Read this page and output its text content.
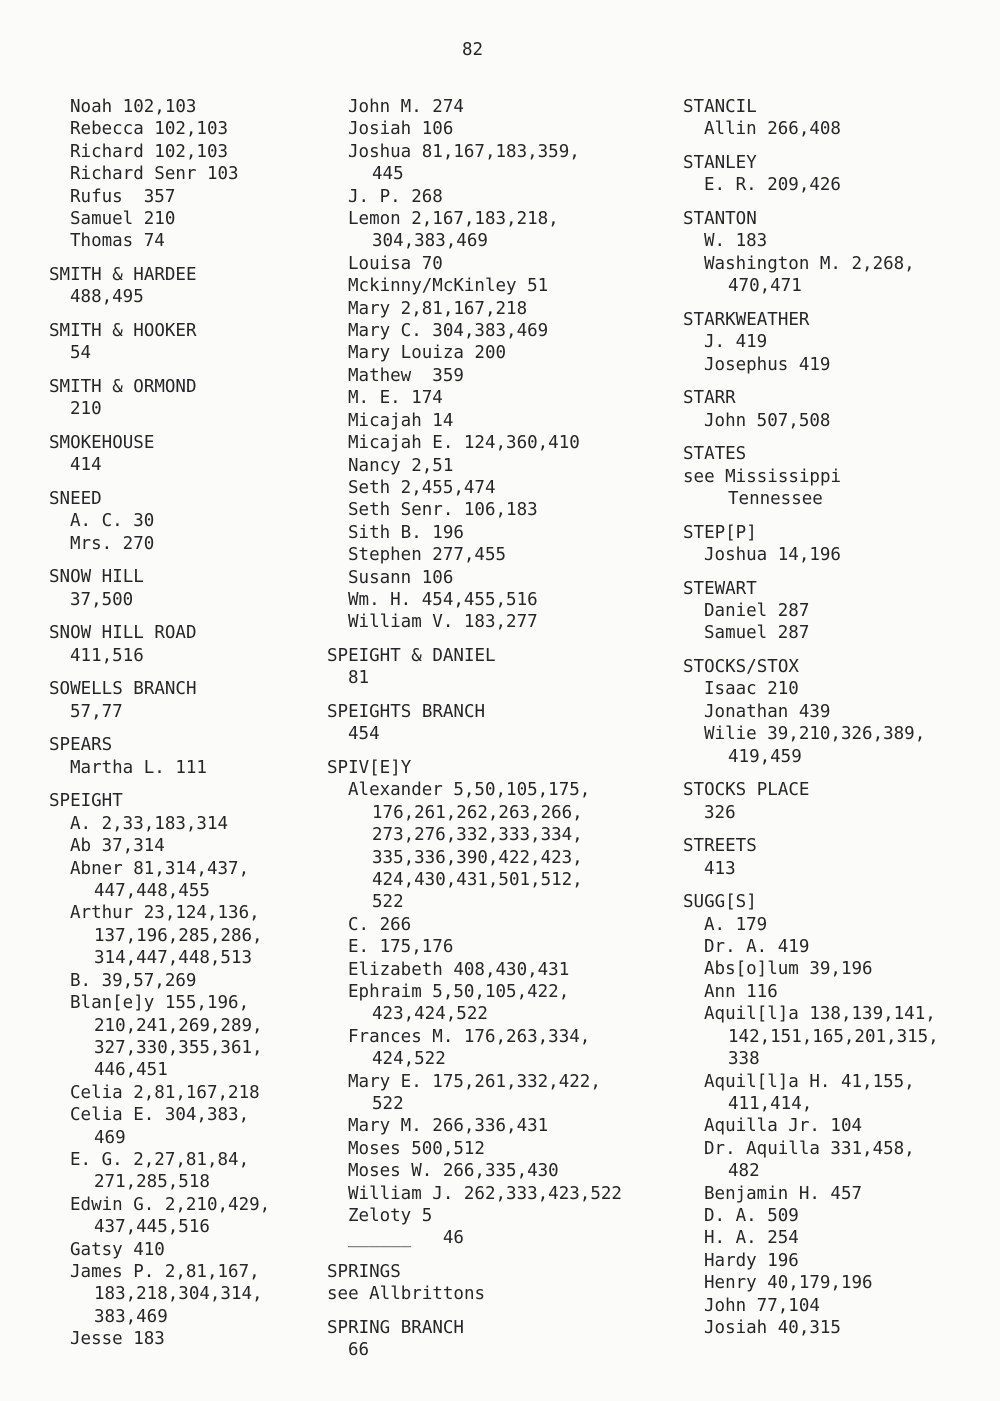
82
Noah 102,103
Rebecca 102,103
Richard 102,103
Richard Senr 103
Rufus  357
Samuel 210
Thomas 74
SMITH & HARDEE
488,495
SMITH & HOOKER
54
SMITH & ORMOND
210
SMOKEHOUSE
414
SNEED
A. C. 30
Mrs. 270
SNOW HILL
37,500
SNOW HILL ROAD
411,516
SOWELLS BRANCH
57,77
SPEARS
Martha L. 111
SPEIGHT
A. 2,33,183,314
Ab 37,314
Abner 81,314,437,
447,448,455
Arthur 23,124,136,
137,196,285,286,
314,447,448,513
B. 39,57,269
Blan[e]y 155,196,
210,241,269,289,
327,330,355,361,
446,451
Celia 2,81,167,218
Celia E. 304,383,
469
E. G. 2,27,81,84,
271,285,518
Edwin G. 2,210,429,
437,445,516
Gatsy 410
James P. 2,81,167,
183,218,304,314,
383,469
Jesse 183
John M. 274
Josiah 106
Joshua 81,167,183,359,
445
J. P. 268
Lemon 2,167,183,218,
304,383,469
Louisa 70
Mckinny/McKinley 51
Mary 2,81,167,218
Mary C. 304,383,469
Mary Louiza 200
Mathew  359
M. E. 174
Micajah 14
Micajah E. 124,360,410
Nancy 2,51
Seth 2,455,474
Seth Senr. 106,183
Sith B. 196
Stephen 277,455
Susann 106
Wm. H. 454,455,516
William V. 183,277
SPEIGHT & DANIEL
81
SPEIGHTS BRANCH
454
SPIV[E]Y
Alexander 5,50,105,175,
176,261,262,263,266,
273,276,332,333,334,
335,336,390,422,423,
424,430,431,501,512,
522
C. 266
E. 175,176
Elizabeth 408,430,431
Ephraim 5,50,105,422,
423,424,522
Frances M. 176,263,334,
424,522
Mary E. 175,261,332,422,
522
Mary M. 266,336,431
Moses 500,512
Moses W. 266,335,430
William J. 262,333,423,522
Zeloty 5
______   46
SPRINGS
see Allbrittons
SPRING BRANCH
66
STANCIL
Allin 266,408
STANLEY
E. R. 209,426
STANTON
W. 183
Washington M. 2,268,
470,471
STARKWEATHER
J. 419
Josephus 419
STARR
John 507,508
STATES
see Mississippi
Tennessee
STEP[P]
Joshua 14,196
STEWART
Daniel 287
Samuel 287
STOCKS/STOX
Isaac 210
Jonathan 439
Wilie 39,210,326,389,
419,459
STOCKS PLACE
326
STREETS
413
SUGG[S]
A. 179
Dr. A. 419
Abs[o]lum 39,196
Ann 116
Aquil[l]a 138,139,141,
142,151,165,201,315,
338
Aquil[l]a H. 41,155,
411,414,
Aquilla Jr. 104
Dr. Aquilla 331,458,
482
Benjamin H. 457
D. A. 509
H. A. 254
Hardy 196
Henry 40,179,196
John 77,104
Josiah 40,315
